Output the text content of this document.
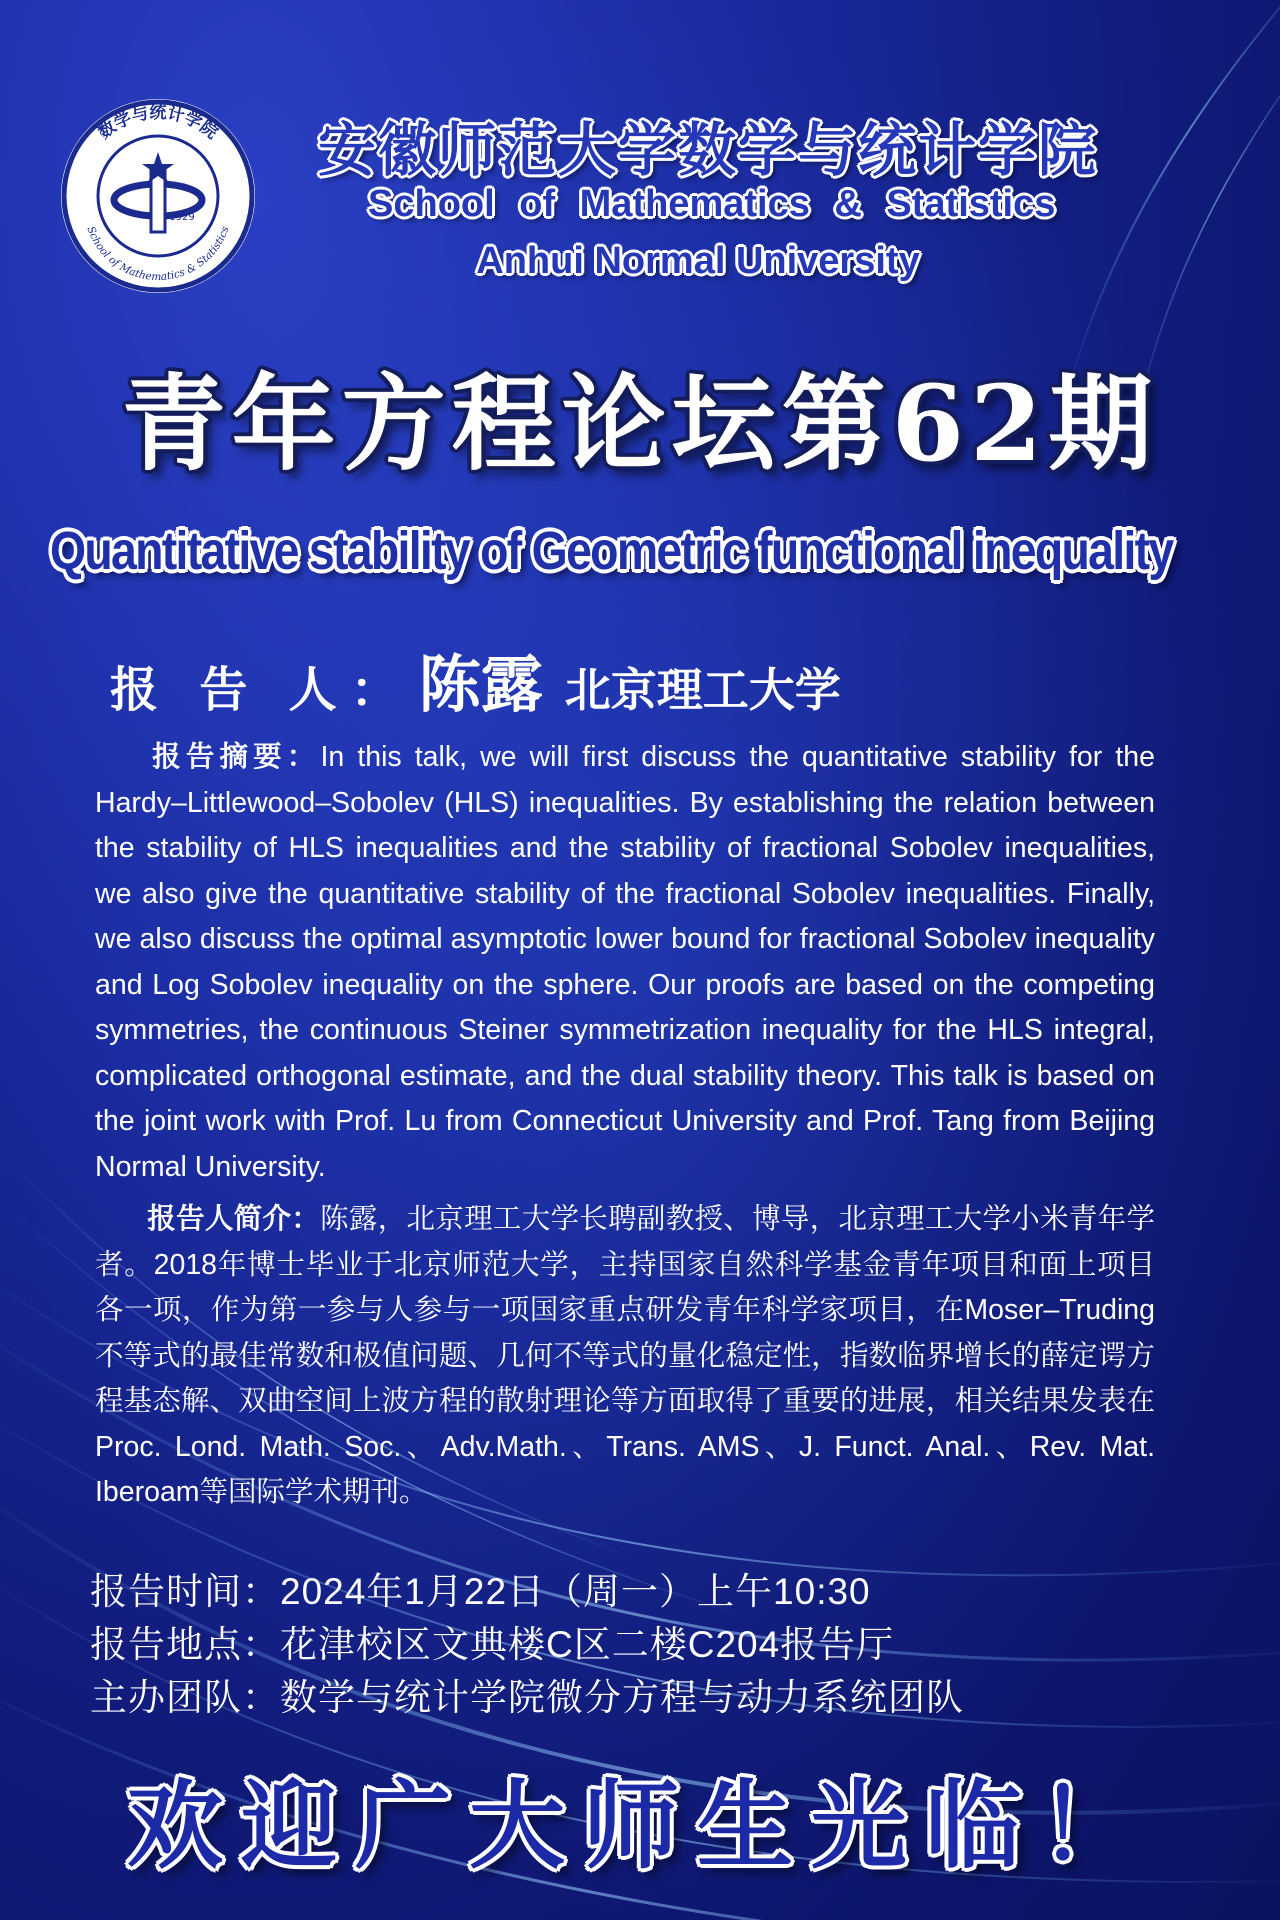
数学与统计学院
School of Mathematics & Statistics
1929
安徽师范大学数学与统计学院
School of Mathematics & Statistics
Anhui Normal University
青年方程论坛第62期
Quantitative stability of Geometric functional inequality
报 告 人：陈露 北京理工大学
报告摘要：In this talk, we will first discuss the quantitative stability for the Hardy–Littlewood–Sobolev (HLS) inequalities. By establishing the relation between the stability of HLS inequalities and the stability of fractional Sobolev inequalities, we also give the quantitative stability of the fractional Sobolev inequalities. Finally, we also discuss the optimal asymptotic lower bound for fractional Sobolev inequality and Log Sobolev inequality on the sphere. Our proofs are based on the competing symmetries, the continuous Steiner symmetrization inequality for the HLS integral, complicated orthogonal estimate, and the dual stability theory. This talk is based on the joint work with Prof. Lu from Connecticut University and Prof. Tang from Beijing Normal University.
报告人简介：陈露，北京理工大学长聘副教授、博导，北京理工大学小米青年学者。2018年博士毕业于北京师范大学，主持国家自然科学基金青年项目和面上项目各一项，作为第一参与人参与一项国家重点研发青年科学家项目，在Moser–Truding不等式的最佳常数和极值问题、几何不等式的量化稳定性，指数临界增长的薛定谔方程基态解、双曲空间上波方程的散射理论等方面取得了重要的进展，相关结果发表在Proc. Lond. Math. Soc.、Adv.Math.、Trans. AMS、J. Funct. Anal.、Rev. Mat. Iberoam等国际学术期刊。
报告时间：2024年1月22日（周一）上午10:30
报告地点：花津校区文典楼C区二楼C204报告厅
主办团队：数学与统计学院微分方程与动力系统团队
欢迎广大师生光临！
